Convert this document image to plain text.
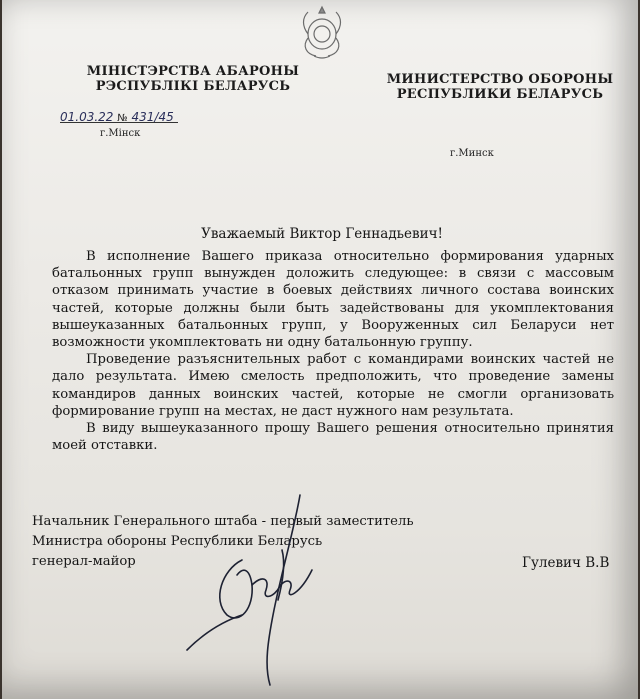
МІНІСТЭРСТВА АБАРОНЫ
РЭСПУБЛІКІ БЕЛАРУСЬ	МИНИСТЕРСТВО ОБОРОНЫ
РЕСПУБЛИКИ БЕЛАРУСЬ
01.03.22 № 431/45
г.Мінск
г.Минск
Уважаемый Виктор Геннадьевич!

В исполнение Вашего приказа относительно формирования ударных батальонных групп вынужден доложить следующее: в связи с массовым отказом принимать участие в боевых действиях личного состава воинских частей, которые должны были быть задействованы для укомплектования вышеуказанных батальонных групп, у Вооруженных сил Беларуси нет возможности укомплектовать ни одну батальонную группу.

Проведение разъяснительных работ с командирами воинских частей не дало результата. Имею смелость предположить, что проведение замены командиров данных воинских частей, которые не смогли организовать формирование групп на местах, не даст нужного нам результата.

В виду вышеуказанного прошу Вашего решения относительно принятия моей отставки.

Начальник Генерального штаба - первый заместитель
Министра обороны Республики Беларусь
генерал-майор	Гулевич В.В
